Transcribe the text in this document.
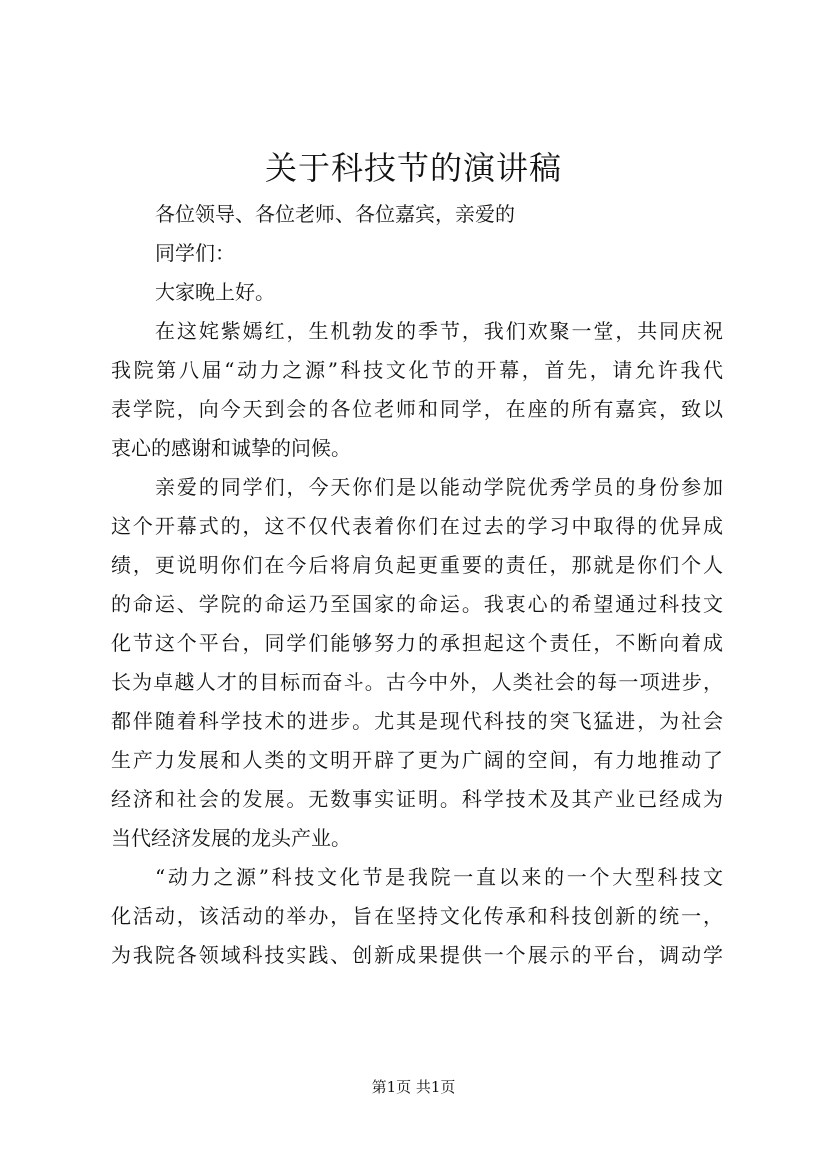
关于科技节的演讲稿
各位领导、各位老师、各位嘉宾，亲爱的
同学们：
大家晚上好。
在这姹紫嫣红，生机勃发的季节，我们欢聚一堂，共同庆祝
我院第八届“动力之源”科技文化节的开幕，首先，请允许我代
表学院，向今天到会的各位老师和同学，在座的所有嘉宾，致以
衷心的感谢和诚挚的问候。
亲爱的同学们，今天你们是以能动学院优秀学员的身份参加
这个开幕式的，这不仅代表着你们在过去的学习中取得的优异成
绩，更说明你们在今后将肩负起更重要的责任，那就是你们个人
的命运、学院的命运乃至国家的命运。我衷心的希望通过科技文
化节这个平台，同学们能够努力的承担起这个责任，不断向着成
长为卓越人才的目标而奋斗。古今中外，人类社会的每一项进步，
都伴随着科学技术的进步。尤其是现代科技的突飞猛进，为社会
生产力发展和人类的文明开辟了更为广阔的空间，有力地推动了
经济和社会的发展。无数事实证明。科学技术及其产业已经成为
当代经济发展的龙头产业。
“动力之源”科技文化节是我院一直以来的一个大型科技文
化活动，该活动的举办，旨在坚持文化传承和科技创新的统一，
为我院各领域科技实践、创新成果提供一个展示的平台，调动学
第1页 共1页
